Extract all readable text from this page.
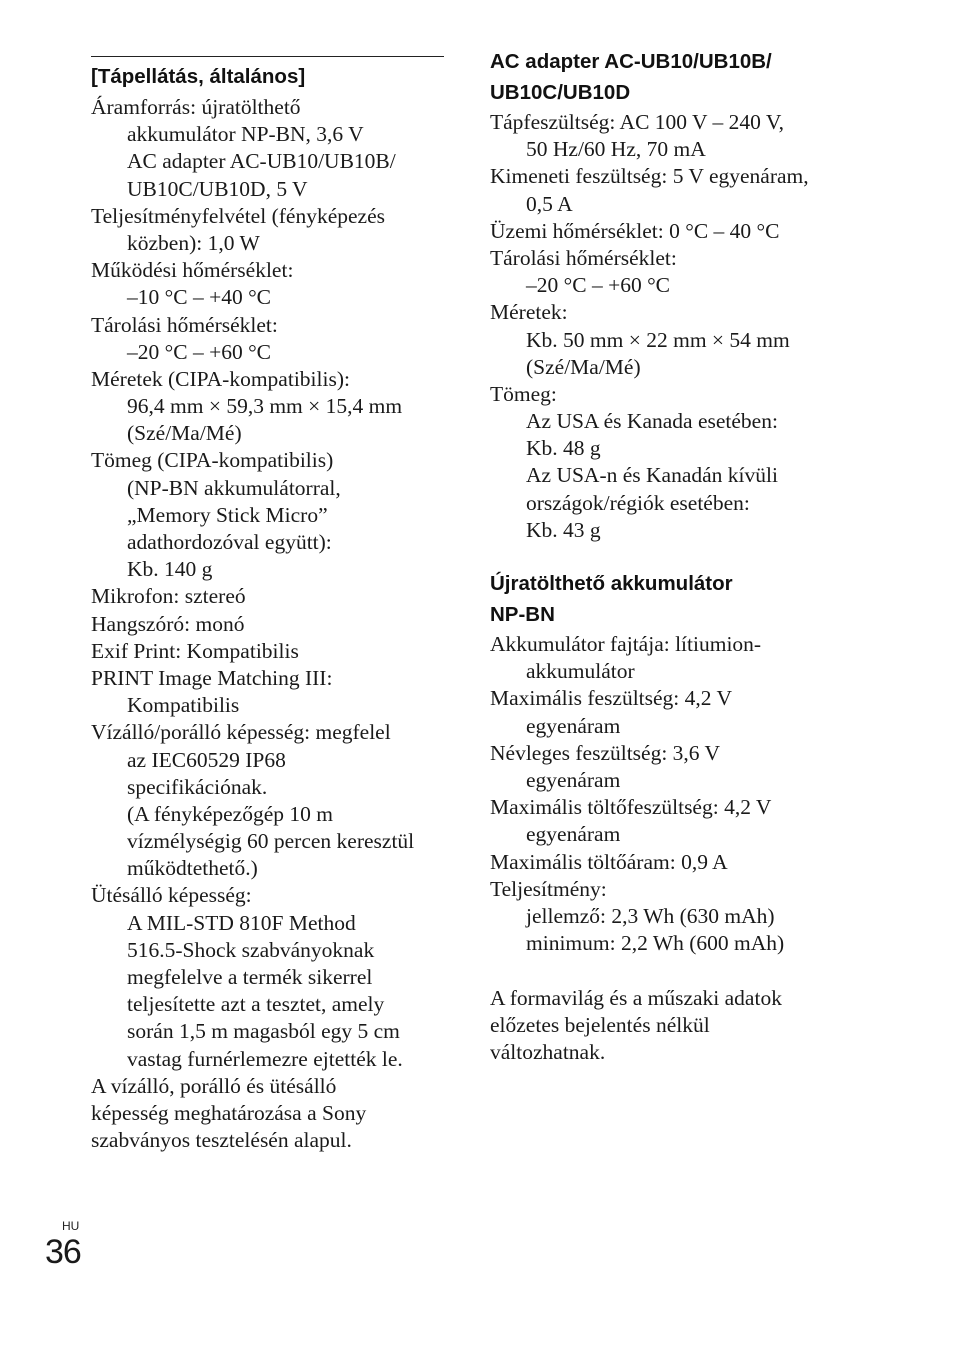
[Tápellátás, általános]
Áramforrás: újratölthető
akkumulátor NP-BN, 3,6 V
AC adapter AC-UB10/UB10B/
UB10C/UB10D, 5 V
Teljesítményfelvétel (fényképezés
közben): 1,0 W
Működési hőmérséklet:
–10 °C – +40 °C
Tárolási hőmérséklet:
–20 °C – +60 °C
Méretek (CIPA-kompatibilis):
96,4 mm × 59,3 mm × 15,4 mm
(Szé/Ma/Mé)
Tömeg (CIPA-kompatibilis)
(NP-BN akkumulátorral,
„Memory Stick Micro”
adathordozóval együtt):
Kb. 140 g
Mikrofon: sztereó
Hangszóró: monó
Exif Print: Kompatibilis
PRINT Image Matching III:
Kompatibilis
Vízálló/porálló képesség: megfelel
az IEC60529 IP68
specifikációnak.
(A fényképezőgép 10 m
vízmélységig 60 percen keresztül
működtethető.)
Ütésálló képesség:
A MIL-STD 810F Method
516.5-Shock szabványoknak
megfelelve a termék sikerrel
teljesítette azt a tesztet, amely
során 1,5 m magasból egy 5 cm
vastag furnérlemezre ejtették le.
A vízálló, porálló és ütésálló
képesség meghatározása a Sony
szabványos tesztelésén alapul.
AC adapter AC-UB10/UB10B/
UB10C/UB10D
Tápfeszültség: AC 100 V – 240 V,
50 Hz/60 Hz, 70 mA
Kimeneti feszültség: 5 V egyenáram,
0,5 A
Üzemi hőmérséklet: 0 °C – 40 °C
Tárolási hőmérséklet:
–20 °C – +60 °C
Méretek:
Kb. 50 mm × 22 mm × 54 mm
(Szé/Ma/Mé)
Tömeg:
Az USA és Kanada esetében:
Kb. 48 g
Az USA-n és Kanadán kívüli
országok/régiók esetében:
Kb. 43 g
Újratölthető akkumulátor
NP-BN
Akkumulátor fajtája: lítiumion-
akkumulátor
Maximális feszültség: 4,2 V
egyenáram
Névleges feszültség: 3,6 V
egyenáram
Maximális töltőfeszültség: 4,2 V
egyenáram
Maximális töltőáram: 0,9 A
Teljesítmény:
jellemző: 2,3 Wh (630 mAh)
minimum: 2,2 Wh (600 mAh)
A formavilág és a műszaki adatok
előzetes bejelentés nélkül
változhatnak.
HU
36
